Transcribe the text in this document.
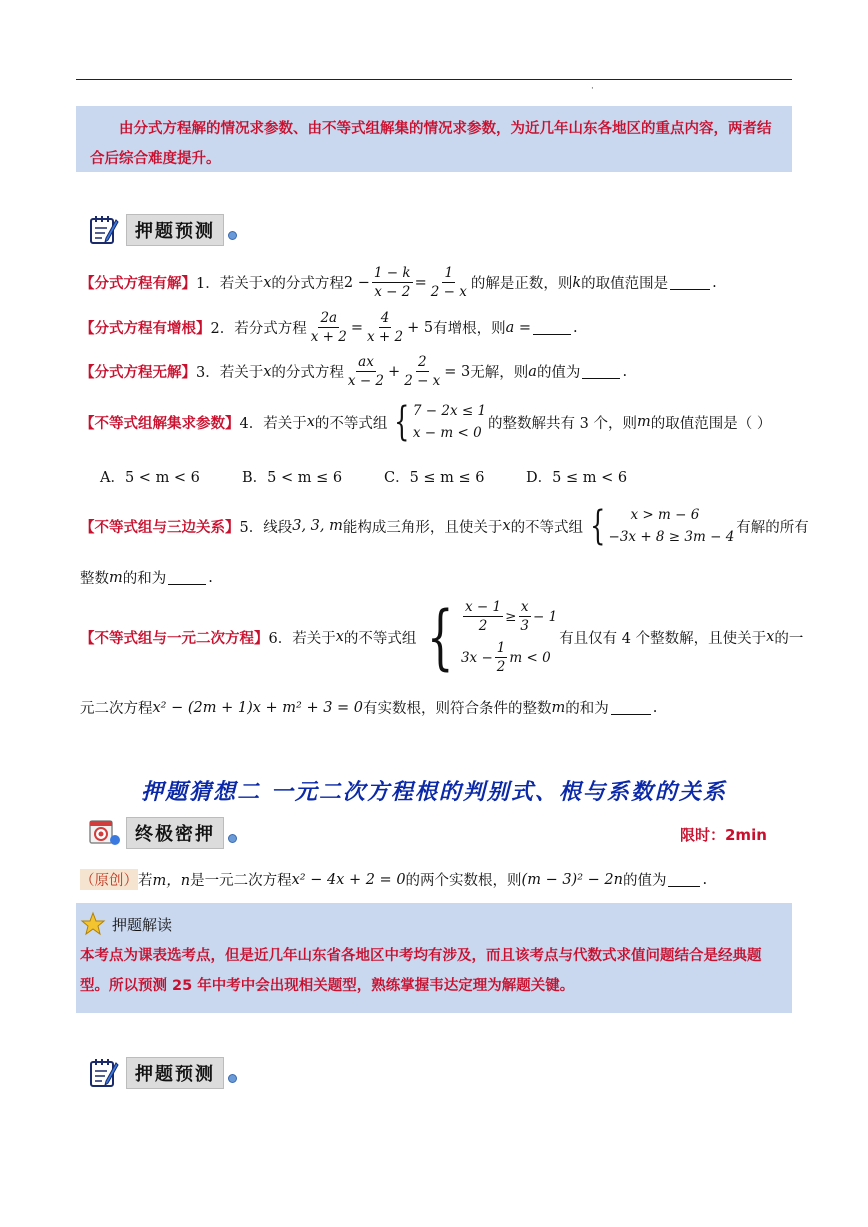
·

由分式方程解的情况求参数、由不等式组解集的情况求参数，为近几年山东各地区的重点内容，两者结合后综合难度提升。

押题预测
【分式方程有解】 1．若关于 x 的分式方程 $2 - \frac{1 - k}{x - 2} = \frac{1}{2 - x}$ 的解是正数，则 k 的取值范围是	.
【分式方程有增根】 2．若分式方程 $\frac{2a}{x + 2} = \frac{4}{x + 2} + 5$ 有增根，则 a =	.
【分式方程无解】 3．若关于 x 的分式方程 $\frac{ax}{x - 2} + \frac{2}{2 - x} = 3$ 无解，则 a 的值为	.
【不等式组解集求参数】 4．若关于 x 的不等式组 { 7 − 2x ≤ 1
x − m < 0
的整数解共有 3 个，则 m 的取值范围是（ ）
A．5 < m < 6	B．5 < m ≤ 6	C．5 ≤ m ≤ 6	D．5 ≤ m < 6
【不等式组与三边关系】 5．线段 3, 3, m 能构成三角形，且使关于 x 的不等式组 {	x > m − 6
−3x + 8 ≥ 3m − 4
有解的所有
整数 m 的和为	.
【不等式组与一元二次方程】 6．若关于 x 的不等式组 { $\frac{x - 1}{2} \ge \frac{x}{3} - 1$
$3x - \frac{1}{2}$ m < 0
有且仅有 4 个整数解，且使关于 x 的一
元二次方程 x² − (2m + 1)x + m² + 3 = 0 有实数根，则符合条件的整数 m 的和为	.
押题猜想二 一元二次方程根的判别式、根与系数的关系
终极密押	限时：2min
（原创） 若 m，n 是一元二次方程 x² − 4x + 2 = 0 的两个实数根，则 (m − 3)² − 2n 的值为 .
押题解读

本考点为课表选考点，但是近几年山东省各地区中考均有涉及，而且该考点与代数式求值问题结合是经典题型。所以预测 25 年中考中会出现相关题型，熟练掌握韦达定理为解题关键。

押题预测
